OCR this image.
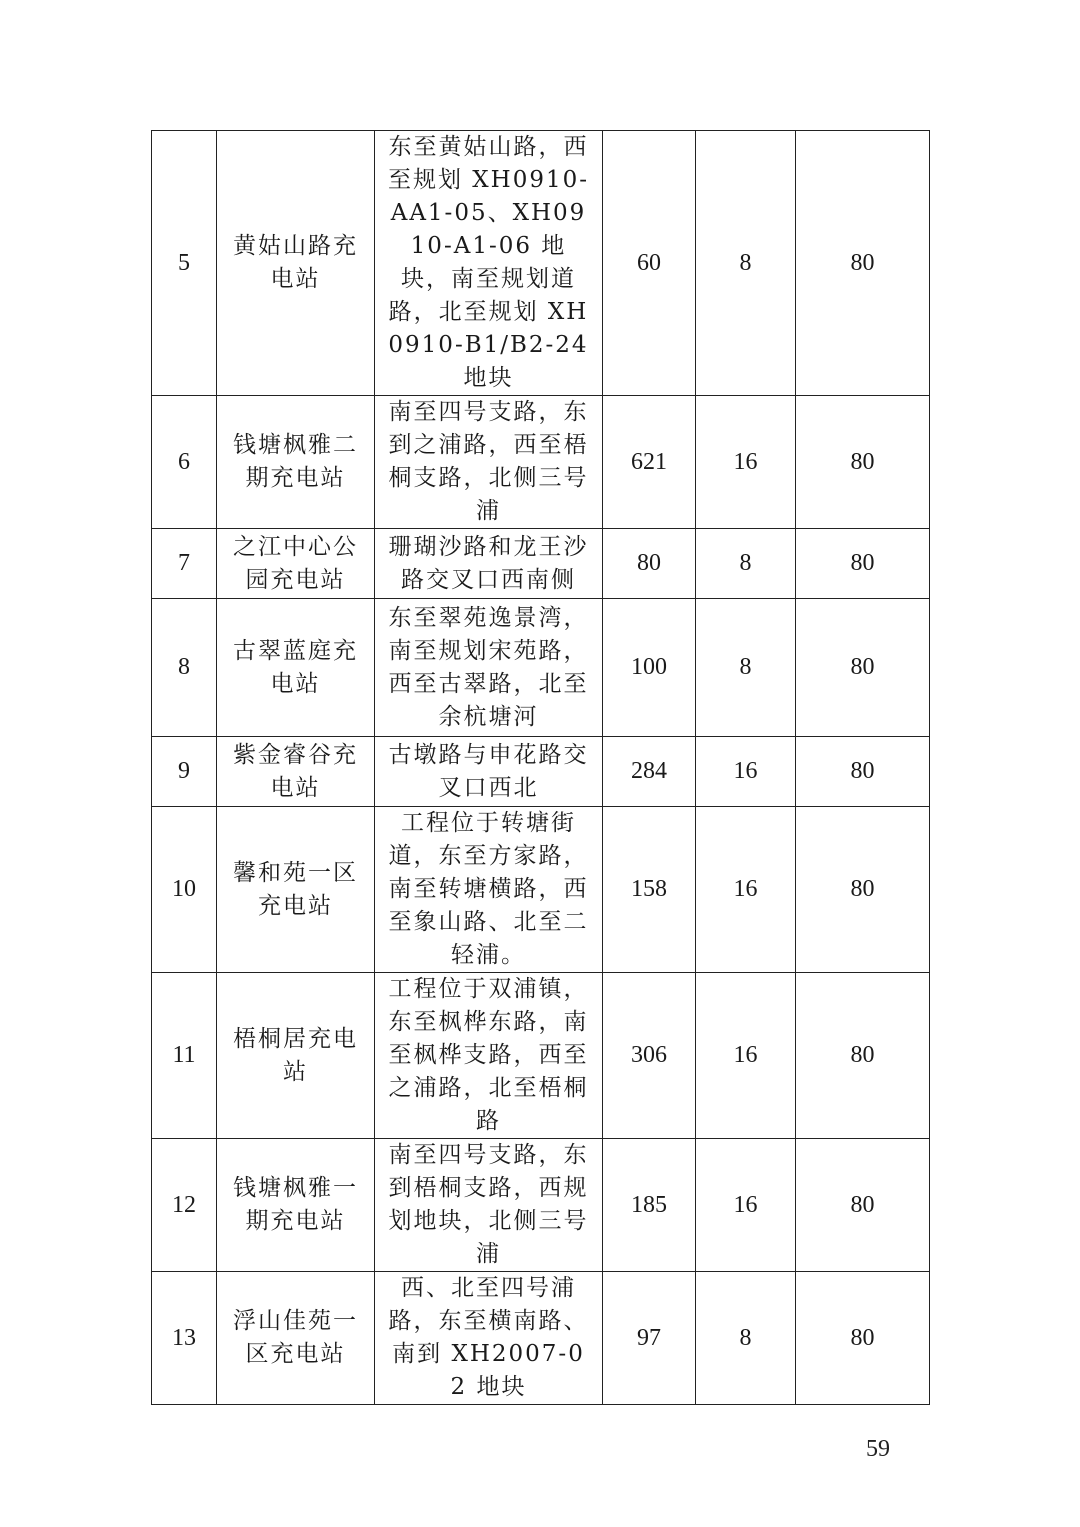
5	黄姑山路充电站	东至黄姑山路，西至规划 XH0910-AA1-05、XH0910-A1-06 地块，南至规划道路，北至规划 XH0910-B1/B2-24 地块	60	8	80
6	钱塘枫雅二期充电站	南至四号支路，东到之浦路，西至梧桐支路，北侧三号浦	621	16	80
7	之江中心公园充电站	珊瑚沙路和龙王沙路交叉口西南侧	80	8	80
8	古翠蓝庭充电站	东至翠苑逸景湾，南至规划宋苑路，西至古翠路，北至余杭塘河	100	8	80
9	紫金睿谷充电站	古墩路与申花路交叉口西北	284	16	80
10	馨和苑一区充电站	工程位于转塘街道，东至方家路，南至转塘横路，西至象山路、北至二轻浦。	158	16	80
11	梧桐居充电站	工程位于双浦镇，东至枫桦东路，南至枫桦支路，西至之浦路，北至梧桐路	306	16	80
12	钱塘枫雅一期充电站	南至四号支路，东到梧桐支路，西规划地块，北侧三号浦	185	16	80
13	浮山佳苑一区充电站	西、北至四号浦路，东至横南路、南到 XH2007-02 地块	97	8	80
59
